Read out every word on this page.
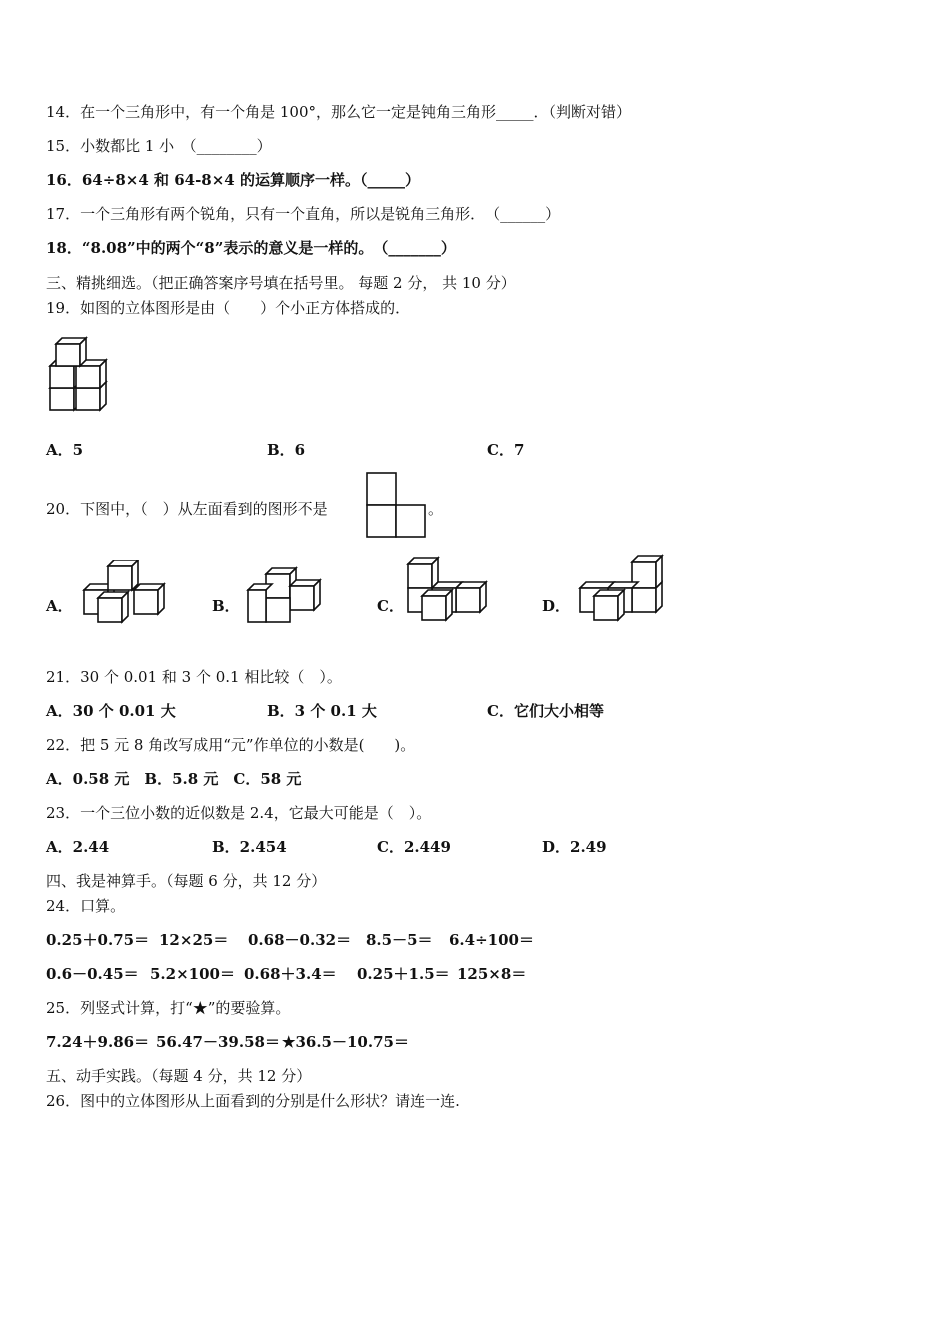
14．在一个三角形中，有一个角是 100°，那么它一定是钝角三角形_____．（判断对错）
15．小数都比 1 小　（________）
16．64÷8×4 和 64-8×4 的运算顺序一样。（_____）
17．一个三角形有两个锐角，只有一个直角，所以是锐角三角形．　（______）
18．“8.08”中的两个“8”表示的意义是一样的。　（_______）
三、精挑细选。（把正确答案序号填在括号里。 每题 2 分， 共 10 分）
19．如图的立体图形是由（　　）个小正方体搭成的．
A．5	B．6	C．7
20．下图中，（　）从左面看到的图形不是	。
A．	B．	C．	D．
21．30 个 0.01 和 3 个 0.1 相比较（　）。
A．30 个 0.01 大	B．3 个 0.1 大	C．它们大小相等
22．把 5 元 8 角改写成用“元”作单位的小数是(　　)。
A．0.58 元　B．5.8 元　C．58 元
23．一个三位小数的近似数是 2.4，它最大可能是（　）。
A．2.44	B．2.454	C．2.449	D．2.49
四、我是神算手。（每题 6 分，共 12 分）
24．口算。
0.25＋0.75＝ 12×25＝ 0.68－0.32＝ 8.5－5＝ 6.4÷100＝
0.6－0.45＝ 5.2×100＝ 0.68＋3.4＝ 0.25＋1.5＝ 125×8＝
25．列竖式计算，打“★”的要验算。
7.24＋9.86＝ 56.47－39.58＝ ★36.5－10.75＝
五、动手实践。（每题 4 分，共 12 分）
26．图中的立体图形从上面看到的分别是什么形状？请连一连.
